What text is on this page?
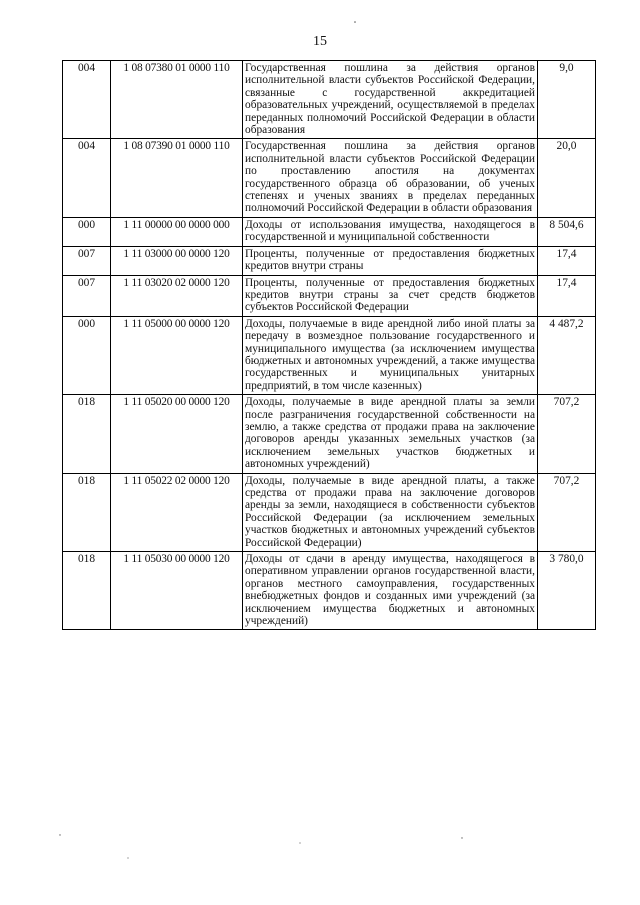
15
004	1 08 07380 01 0000 110	Государственная пошлина за действия органов исполнительной власти субъектов Российской Федерации, связанные с государственной аккредитацией образовательных учреждений, осуществляемой в пределах переданных полномочий Российской Федерации в области образования	9,0
004	1 08 07390 01 0000 110	Государственная пошлина за действия органов исполнительной власти субъектов Российской Федерации по проставлению апостиля на документах государственного образца об образовании, об ученых степенях и ученых званиях в пределах переданных полномочий Российской Федерации в области образования	20,0
000	1 11 00000 00 0000 000	Доходы от использования имущества, находящегося в государственной и муниципальной собственности	8 504,6
007	1 11 03000 00 0000 120	Проценты, полученные от предоставления бюджетных кредитов внутри страны	17,4
007	1 11 03020 02 0000 120	Проценты, полученные от предоставления бюджетных кредитов внутри страны за счет средств бюджетов субъектов Российской Федерации	17,4
000	1 11 05000 00 0000 120	Доходы, получаемые в виде арендной либо иной платы за передачу в возмездное пользование государственного и муниципального имущества (за исключением имущества бюджетных и автономных учреждений, а также имущества государственных и муниципальных унитарных предприятий, в том числе казенных)	4 487,2
018	1 11 05020 00 0000 120	Доходы, получаемые в виде арендной платы за земли после разграничения государственной собственности на землю, а также средства от продажи права на заключение договоров аренды указанных земельных участков (за исключением земельных участков бюджетных и автономных учреждений)	707,2
018	1 11 05022 02 0000 120	Доходы, получаемые в виде арендной платы, а также средства от продажи права на заключение договоров аренды за земли, находящиеся в собственности субъектов Российской Федерации (за исключением земельных участков бюджетных и автономных учреждений субъектов Российской Федерации)	707,2
018	1 11 05030 00 0000 120	Доходы от сдачи в аренду имущества, находящегося в оперативном управлении органов государственной власти, органов местного самоуправления, государственных внебюджетных фондов и созданных ими учреждений (за исключением имущества бюджетных и автономных учреждений)	3 780,0
